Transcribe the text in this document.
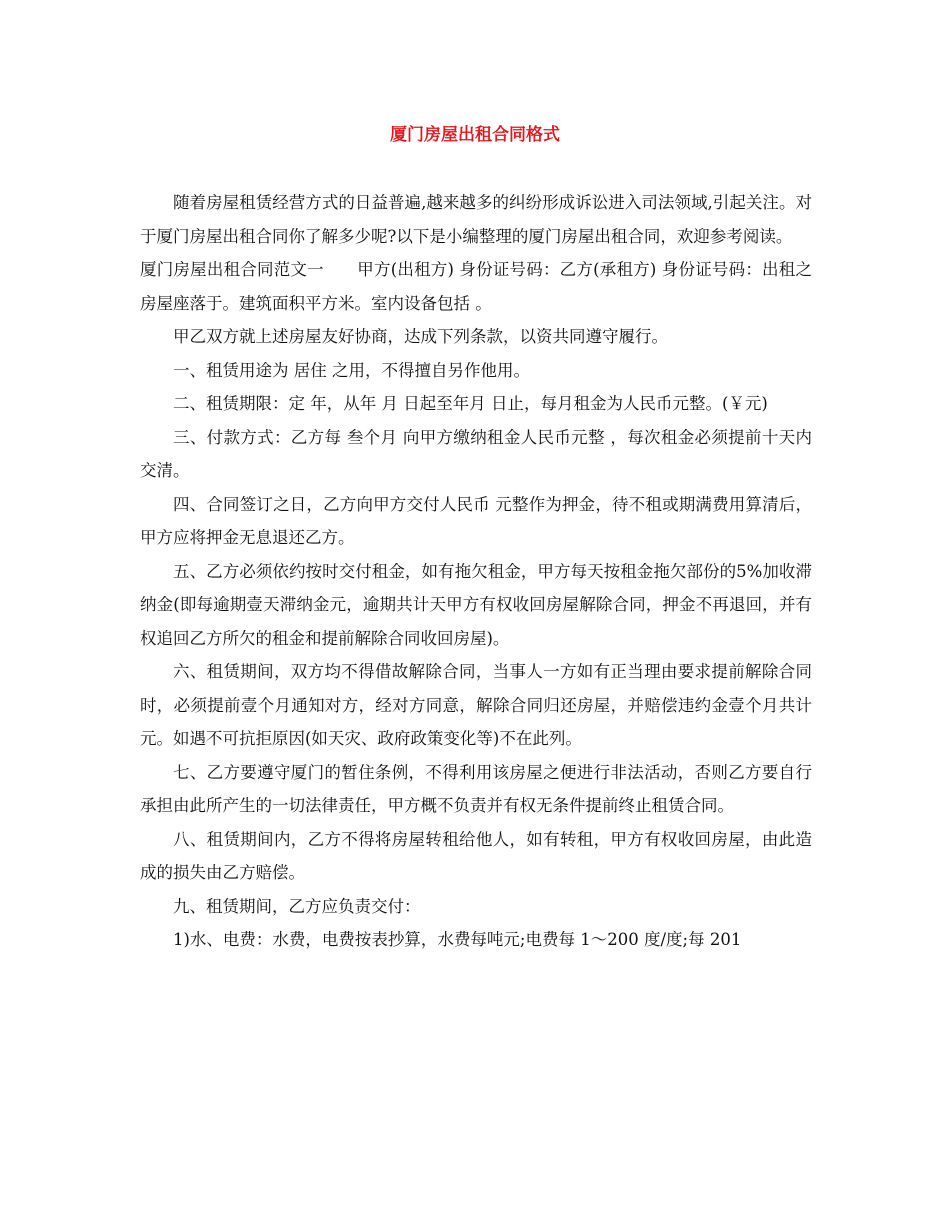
厦门房屋出租合同格式

随着房屋租赁经营方式的日益普遍,越来越多的纠纷形成诉讼进入司法领域,引起关注。对于厦门房屋出租合同你了解多少呢?以下是小编整理的厦门房屋出租合同，欢迎参考阅读。

厦门房屋出租合同范文一　　甲方(出租方) 身份证号码：乙方(承租方) 身份证号码：出租之房屋座落于。建筑面积平方米。室内设备包括 。

甲乙双方就上述房屋友好协商，达成下列条款，以资共同遵守履行。

一、租赁用途为 居住 之用，不得擅自另作他用。

二、租赁期限：定 年，从年 月 日起至年月 日止，每月租金为人民币元整。(￥元)

三、付款方式：乙方每 叁个月 向甲方缴纳租金人民币元整 ，每次租金必须提前十天内交清。

四、合同签订之日，乙方向甲方交付人民币 元整作为押金，待不租或期满费用算清后，甲方应将押金无息退还乙方。

五、乙方必须依约按时交付租金，如有拖欠租金，甲方每天按租金拖欠部份的5%加收滞纳金(即每逾期壹天滞纳金元，逾期共计天甲方有权收回房屋解除合同，押金不再退回，并有权追回乙方所欠的租金和提前解除合同收回房屋)。

六、租赁期间，双方均不得借故解除合同，当事人一方如有正当理由要求提前解除合同时，必须提前壹个月通知对方，经对方同意，解除合同归还房屋，并赔偿违约金壹个月共计元。如遇不可抗拒原因(如天灾、政府政策变化等)不在此列。

七、乙方要遵守厦门的暂住条例，不得利用该房屋之便进行非法活动，否则乙方要自行承担由此所产生的一切法律责任，甲方概不负责并有权无条件提前终止租赁合同。

八、租赁期间内，乙方不得将房屋转租给他人，如有转租，甲方有权收回房屋，由此造成的损失由乙方赔偿。

九、租赁期间，乙方应负责交付：

1)水、电费：水费，电费按表抄算，水费每吨元;电费每 1～200 度/度;每 201
